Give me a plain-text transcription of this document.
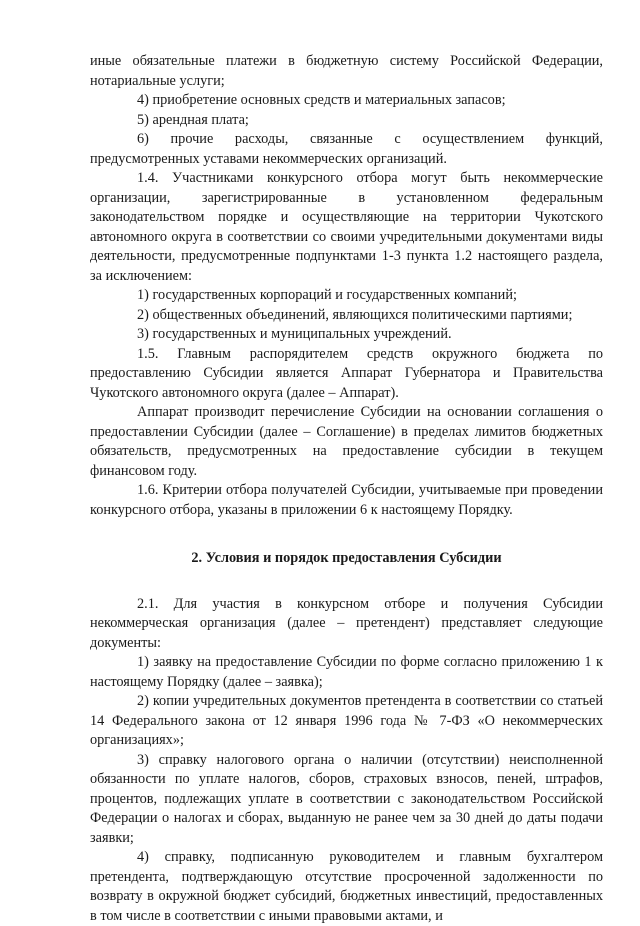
иные обязательные платежи в бюджетную систему Российской Федерации, нотариальные услуги;

4) приобретение основных средств и материальных запасов;

5) арендная плата;

6) прочие расходы, связанные с осуществлением функций, предусмотренных уставами некоммерческих организаций.

1.4. Участниками конкурсного отбора могут быть некоммерческие организации, зарегистрированные в установленном федеральным законодательством порядке и осуществляющие на территории Чукотского автономного округа в соответствии со своими учредительными документами виды деятельности, предусмотренные подпунктами 1-3 пункта 1.2 настоящего раздела, за исключением:

1) государственных корпораций и государственных компаний;

2) общественных объединений, являющихся политическими партиями;

3) государственных и муниципальных учреждений.

1.5. Главным распорядителем средств окружного бюджета по предоставлению Субсидии является Аппарат Губернатора и Правительства Чукотского автономного округа (далее – Аппарат).

Аппарат производит перечисление Субсидии на основании соглашения о предоставлении Субсидии (далее – Соглашение) в пределах лимитов бюджетных обязательств, предусмотренных на предоставление субсидии в текущем финансовом году.

1.6. Критерии отбора получателей Субсидии, учитываемые при проведении конкурсного отбора, указаны в приложении 6 к настоящему Порядку.

2. Условия и порядок предоставления Субсидии

2.1. Для участия в конкурсном отборе и получения Субсидии некоммерческая организация (далее – претендент) представляет следующие документы:

1) заявку на предоставление Субсидии по форме согласно приложению 1 к настоящему Порядку (далее – заявка);

2) копии учредительных документов претендента в соответствии со статьей 14 Федерального закона от 12 января 1996 года № 7-ФЗ «О некоммерческих организациях»;

3) справку налогового органа о наличии (отсутствии) неисполненной обязанности по уплате налогов, сборов, страховых взносов, пеней, штрафов, процентов, подлежащих уплате в соответствии с законодательством Российской Федерации о налогах и сборах, выданную не ранее чем за 30 дней до даты подачи заявки;

4) справку, подписанную руководителем и главным бухгалтером претендента, подтверждающую отсутствие просроченной задолженности по возврату в окружной бюджет субсидий, бюджетных инвестиций, предоставленных в том числе в соответствии с иными правовыми актами, и
